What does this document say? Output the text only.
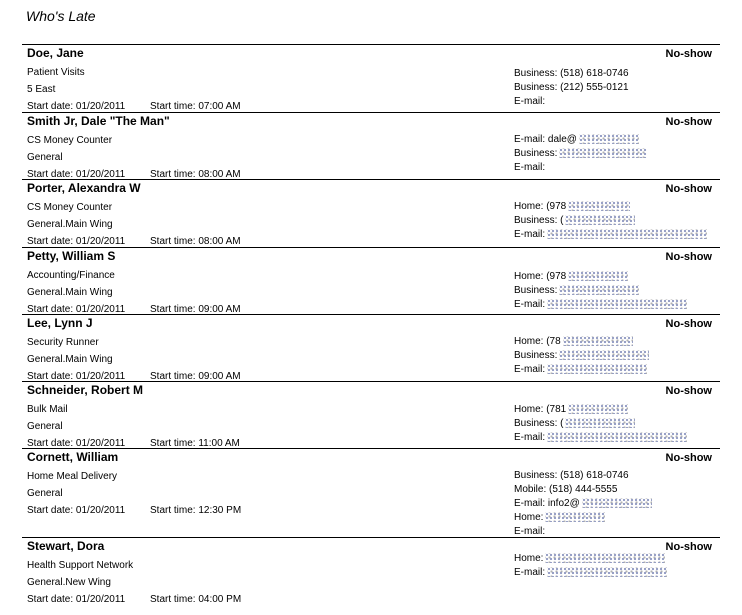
Who's Late
Doe, Jane	No-show
Patient Visits
5 East
Start date: 01/20/2011 Start time: 07:00 AM
Business: (518) 618-0746
Business: (212) 555-0121
E-mail:
Smith Jr, Dale "The Man"	No-show
CS Money Counter
General
Start date: 01/20/2011 Start time: 08:00 AM
E-mail: dale@
Business:
E-mail:
Porter, Alexandra W	No-show
CS Money Counter
General.Main Wing
Start date: 01/20/2011 Start time: 08:00 AM
Home: (978
Business: (
E-mail:
Petty, William S	No-show
Accounting/Finance
General.Main Wing
Start date: 01/20/2011 Start time: 09:00 AM
Home: (978
Business:
E-mail:
Lee, Lynn J	No-show
Security Runner
General.Main Wing
Start date: 01/20/2011 Start time: 09:00 AM
Home: (78
Business:
E-mail:
Schneider, Robert M	No-show
Bulk Mail
General
Start date: 01/20/2011 Start time: 11:00 AM
Home: (781
Business: (
E-mail:
Cornett, William	No-show
Home Meal Delivery
General
Start date: 01/20/2011 Start time: 12:30 PM
Business: (518) 618-0746
Mobile: (518) 444-5555
E-mail: info2@
Home:
E-mail:
Stewart, Dora	No-show
Health Support Network
General.New Wing
Start date: 01/20/2011 Start time: 04:00 PM
Home:
E-mail:
